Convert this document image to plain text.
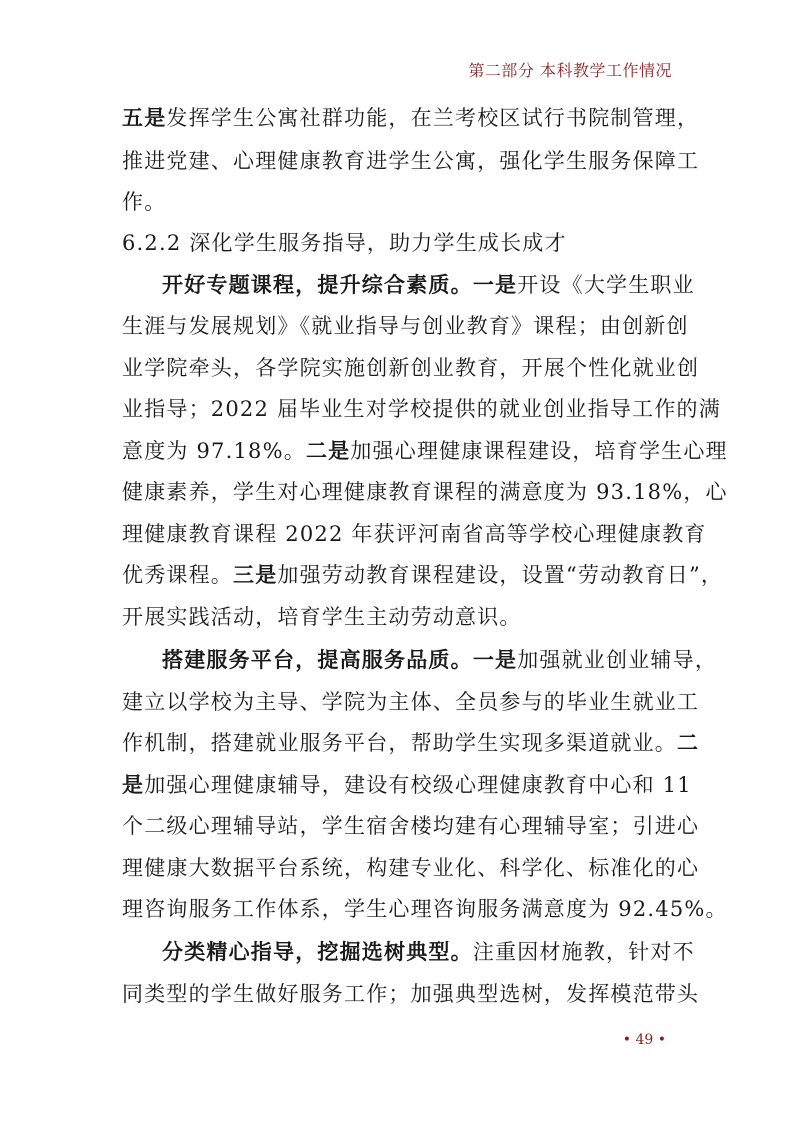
第二部分 本科教学工作情况
五是发挥学生公寓社群功能，在兰考校区试行书院制管理，
推进党建、心理健康教育进学生公寓，强化学生服务保障工
作。
6.2.2 深化学生服务指导，助力学生成长成才
开好专题课程，提升综合素质。一是开设《大学生职业
生涯与发展规划》《就业指导与创业教育》课程；由创新创
业学院牵头，各学院实施创新创业教育，开展个性化就业创
业指导；2022 届毕业生对学校提供的就业创业指导工作的满
意度为 97.18%。二是加强心理健康课程建设，培育学生心理
健康素养，学生对心理健康教育课程的满意度为 93.18%，心
理健康教育课程 2022 年获评河南省高等学校心理健康教育
优秀课程。三是加强劳动教育课程建设，设置“劳动教育日”，
开展实践活动，培育学生主动劳动意识。
搭建服务平台，提高服务品质。一是加强就业创业辅导，
建立以学校为主导、学院为主体、全员参与的毕业生就业工
作机制，搭建就业服务平台，帮助学生实现多渠道就业。二
是加强心理健康辅导，建设有校级心理健康教育中心和 11
个二级心理辅导站，学生宿舍楼均建有心理辅导室；引进心
理健康大数据平台系统，构建专业化、科学化、标准化的心
理咨询服务工作体系，学生心理咨询服务满意度为 92.45%。
分类精心指导，挖掘选树典型。注重因材施教，针对不
同类型的学生做好服务工作；加强典型选树，发挥模范带头
• 49 •
